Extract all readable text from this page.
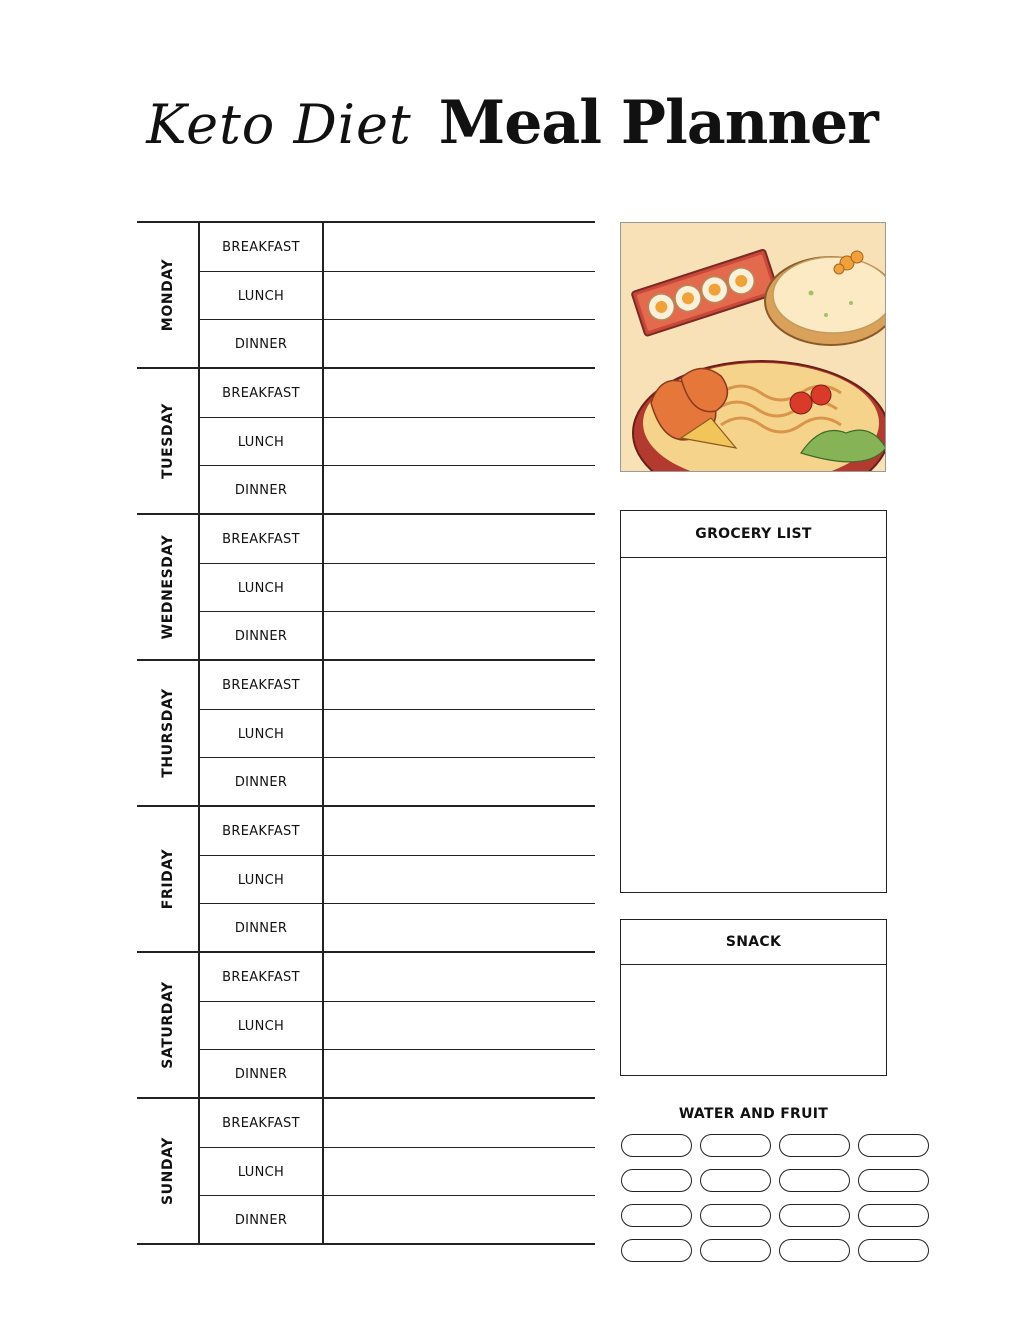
Keto Diet Meal Planner
MONDAY
BREAKFAST
LUNCH
DINNER
TUESDAY
BREAKFAST
LUNCH
DINNER
WEDNESDAY	BREAKFAST
LUNCH
DINNER
THURSDAY
BREAKFAST
LUNCH
DINNER
FRIDAY
BREAKFAST
LUNCH
DINNER
SATURDAY
BREAKFAST
LUNCH
DINNER
SUNDAY
BREAKFAST
LUNCH
DINNER
GROCERY LIST
SNACK
WATER AND FRUIT
